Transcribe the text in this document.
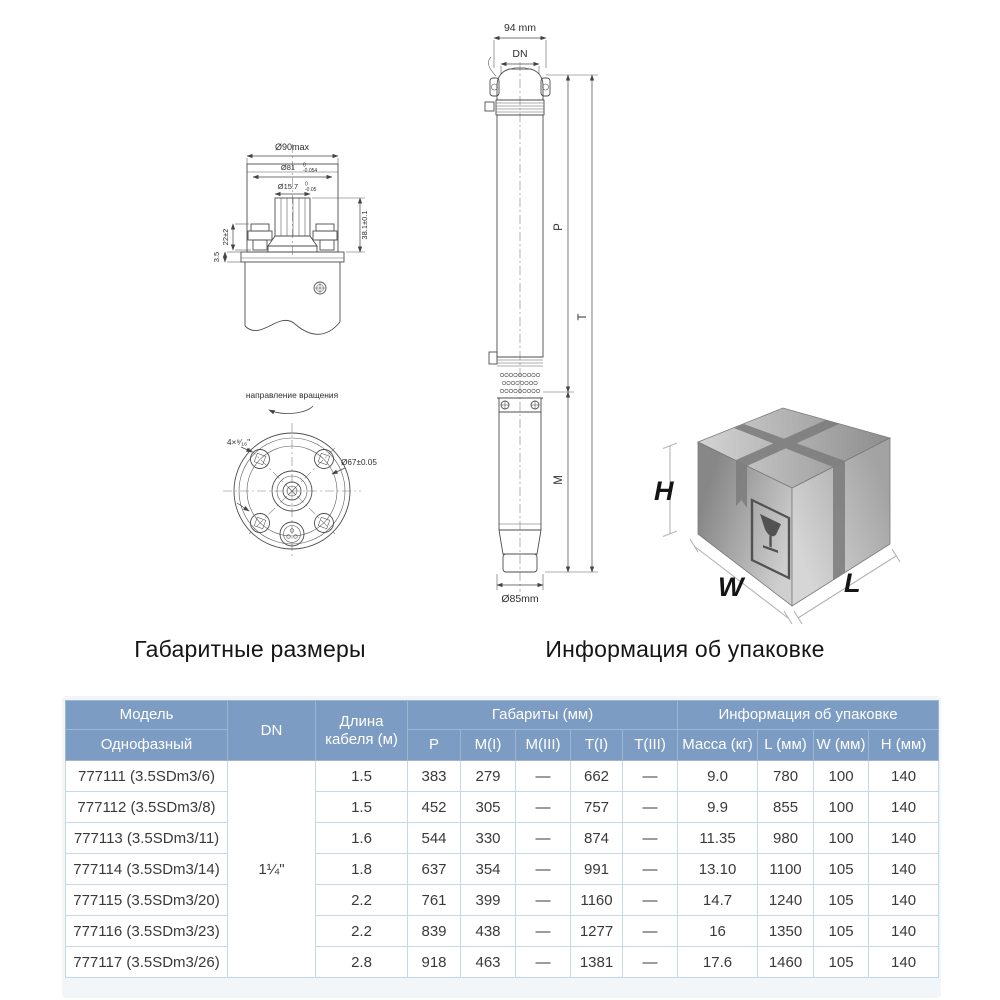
Ø90max
Ø81 0
-0.054
Ø15.7 0
-0.05
22±2
3.5
38.1±0.1
94 mm
DN
Ø85mm
P
T
M
направление вращения
4×⁹⁄₁₆"
Ø67±0.05
H
W	L
Габаритные размеры	Информация об упаковке
Модель	DN	Длина кабеля (м)	Габариты (мм)					Информация об упаковке			
Однофазный			P	M(I)	M(III)	T(I)	T(III)	Масса (кг)	L (мм)	W (мм)	H (мм)
777111 (3.5SDm3/6)	1¼"	1.5	383	279	—	662	—	9.0	780	100	140
777112 (3.5SDm3/8)		1.5	452	305	—	757	—	9.9	855	100	140
777113 (3.5SDm3/11)		1.6	544	330	—	874	—	11.35	980	100	140
777114 (3.5SDm3/14)		1.8	637	354	—	991	—	13.10	1100	105	140
777115 (3.5SDm3/20)		2.2	761	399	—	1160	—	14.7	1240	105	140
777116 (3.5SDm3/23)		2.2	839	438	—	1277	—	16	1350	105	140
777117 (3.5SDm3/26)		2.8	918	463	—	1381	—	17.6	1460	105	140
